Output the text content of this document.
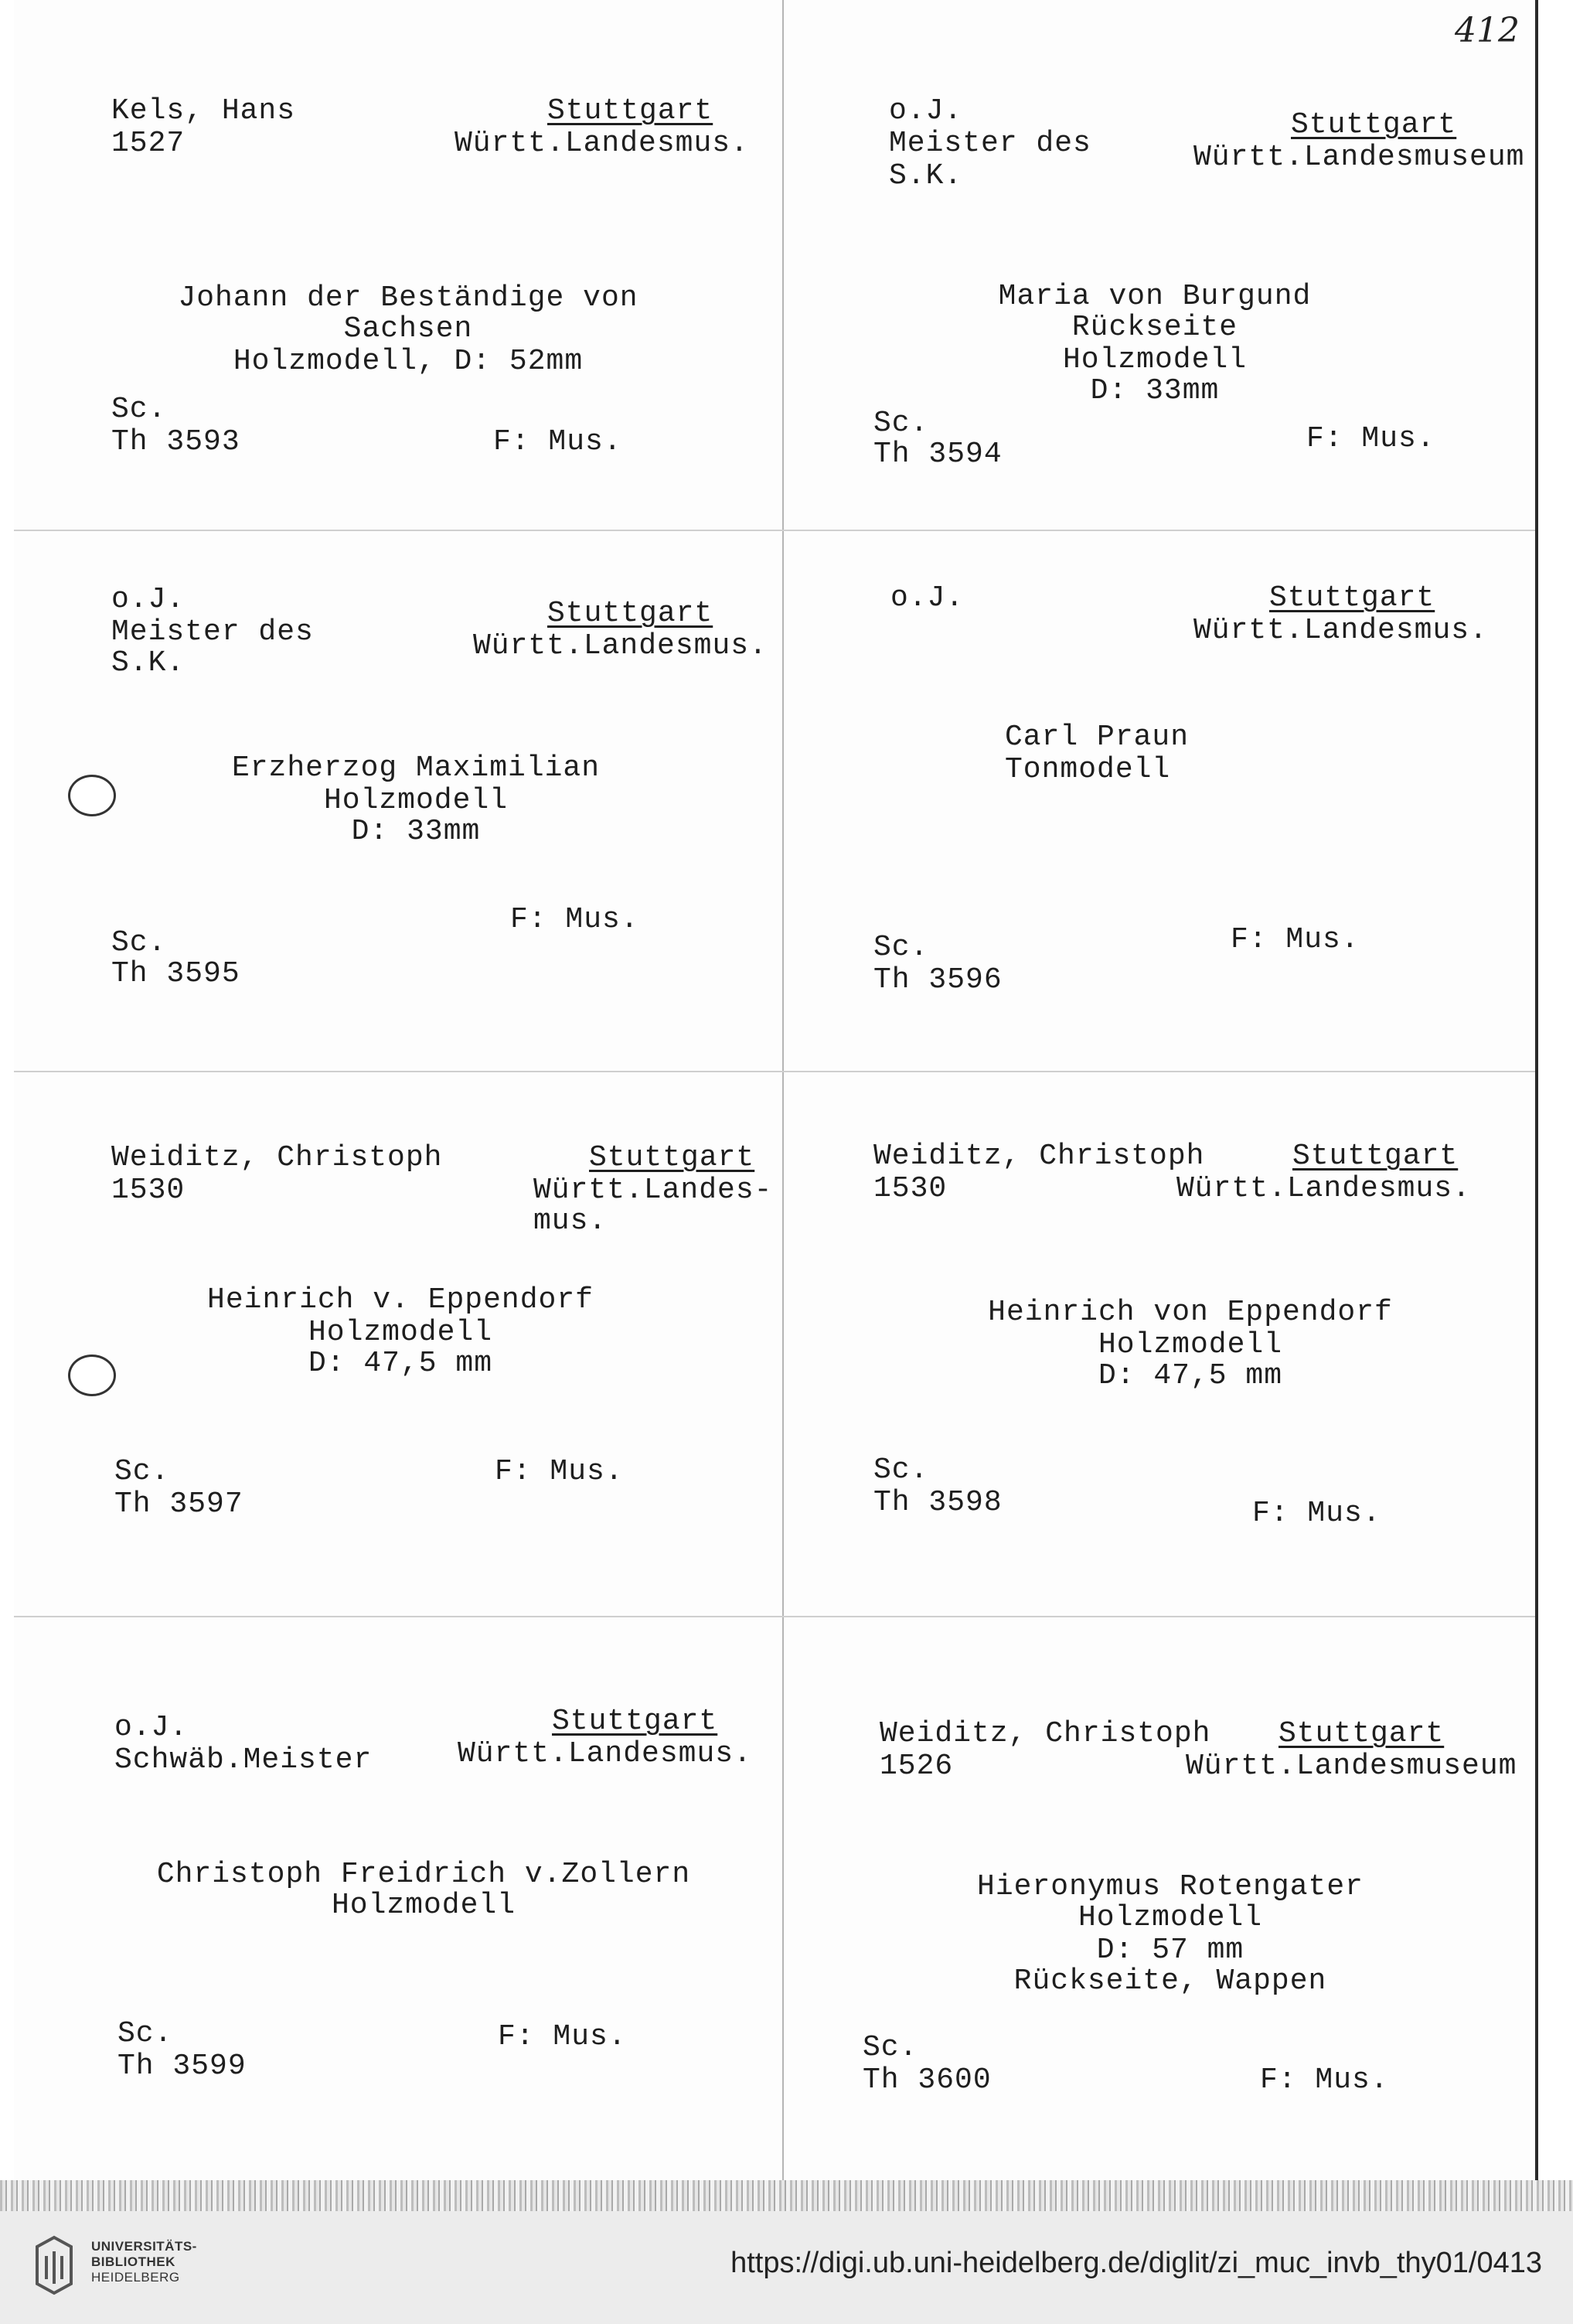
412
Kels, Hans
1527
Stuttgart
Württ.Landesmus.
Johann der Beständige von
Sachsen
Holzmodell, D: 52mm
Sc.
Th 3593	F: Mus.
o.J.
Meister des
S.K.
Stuttgart
Württ.Landesmuseum
Maria von Burgund
Rückseite
Holzmodell
D: 33mm
Sc.
Th 3594	F: Mus.
o.J.
Meister des
S.K.
Stuttgart
Württ.Landesmus.
Erzherzog Maximilian
Holzmodell
D: 33mm
Sc.
Th 3595
F: Mus.
o.J.	Stuttgart
Württ.Landesmus.
Carl Praun
Tonmodell
Sc.
Th 3596
F: Mus.
Weiditz, Christoph
1530
Stuttgart
Württ.Landes-
mus.
Heinrich v. Eppendorf
Holzmodell
D: 47,5 mm
Sc.
Th 3597
F: Mus.
Weiditz, Christoph
1530
Stuttgart
Württ.Landesmus.
Heinrich von Eppendorf
Holzmodell
D: 47,5 mm
Sc.
Th 3598	F: Mus.
o.J.
Schwäb.Meister
Stuttgart
Württ.Landesmus.
Christoph Freidrich v.Zollern
Holzmodell
Sc.
Th 3599
F: Mus.
Weiditz, Christoph
1526
Stuttgart
Württ.Landesmuseum
Hieronymus Rotengater
Holzmodell
D: 57 mm
Rückseite, Wappen
Sc.
Th 3600	F: Mus.
UNIVERSITÄTS-
BIBLIOTHEK
HEIDELBERG	https://digi.ub.uni-heidelberg.de/diglit/zi_muc_invb_thy01/0413
